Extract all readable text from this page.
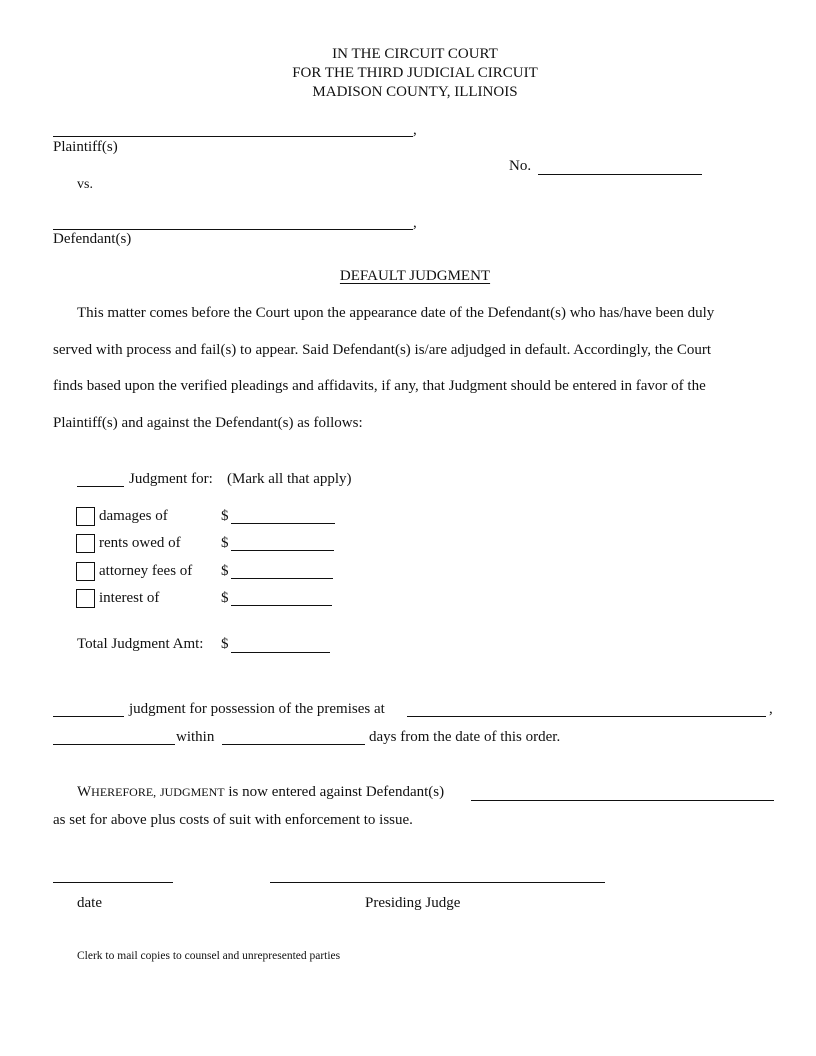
IN THE CIRCUIT COURT
FOR THE THIRD JUDICIAL CIRCUIT
MADISON COUNTY, ILLINOIS
,
Plaintiff(s)
No.
vs.
,
Defendant(s)
DEFAULT JUDGMENT
This matter comes before the Court upon the appearance date of the Defendant(s) who has/have been duly
served with process and fail(s) to appear. Said Defendant(s) is/are adjudged in default. Accordingly, the Court
finds based upon the verified pleadings and affidavits, if any, that Judgment should be entered in favor of the
Plaintiff(s) and against the Defendant(s) as follows:
Judgment for: (Mark all that apply)
damages of	$
rents owed of	$
attorney fees of $
interest of	$
Total Judgment Amt: $
judgment for possession of the premises at	,
within	days from the date of this order.
WHEREFORE, JUDGMENT is now entered against Defendant(s)
as set for above plus costs of suit with enforcement to issue.
date	Presiding Judge
Clerk to mail copies to counsel and unrepresented parties
